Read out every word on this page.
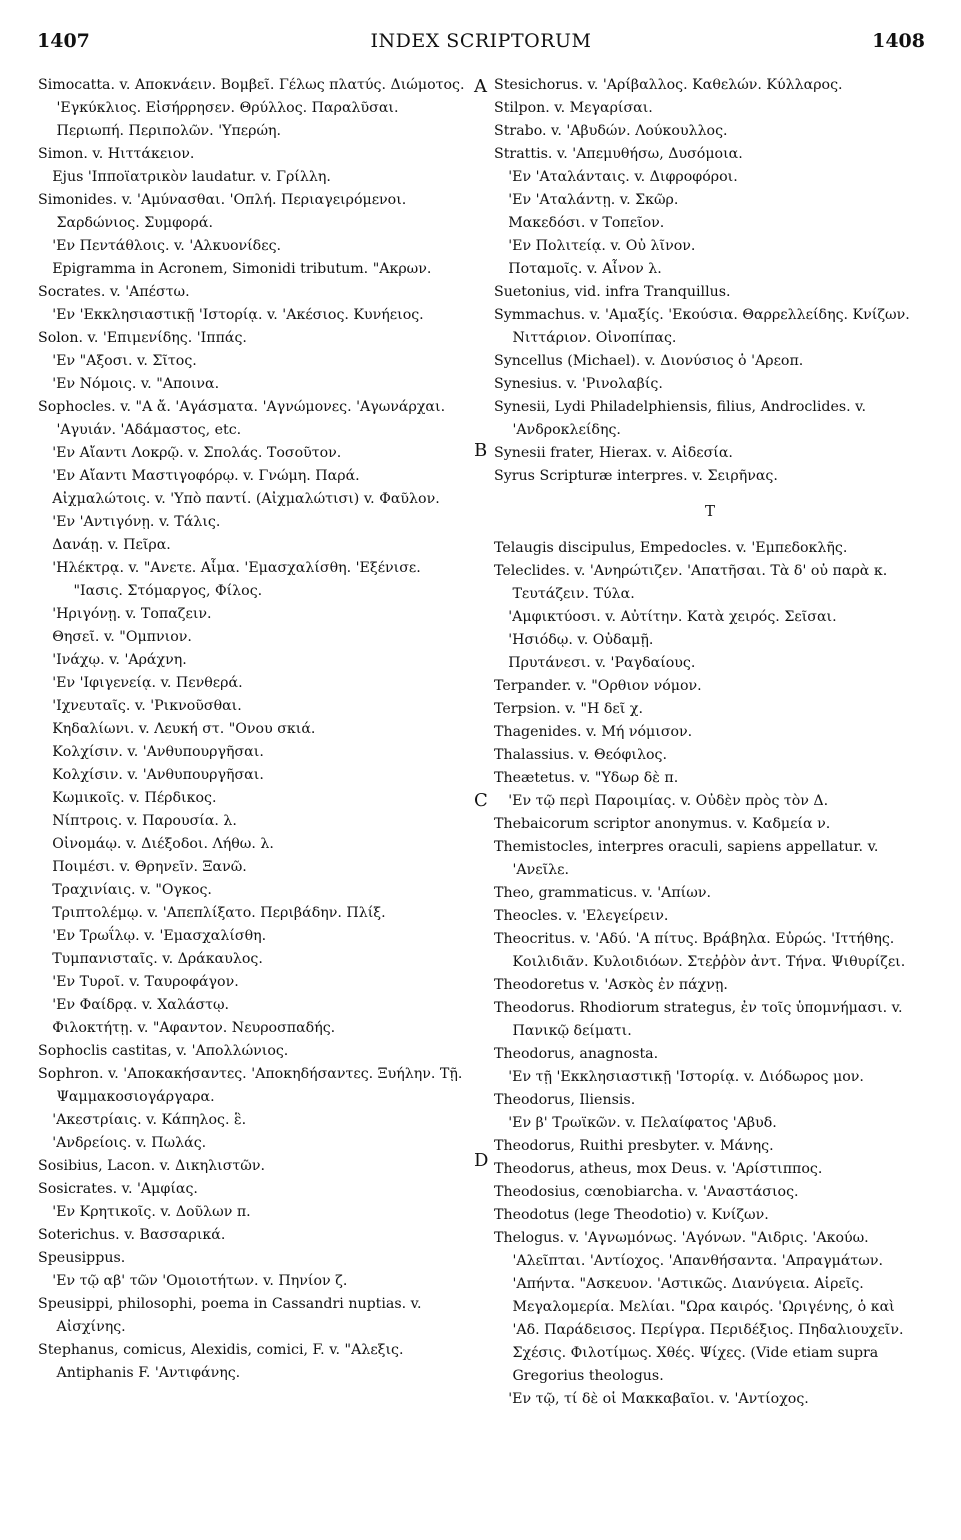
1407	INDEX SCRIPTORUM	1408
Simocatta. v. Αποκνάειν. Βομβεῖ. Γέλως πλατύς. Διώμοτος. 'Εγκύκλιος. Εἰσήρρησεν. Θρύλλος. Παραλῦσαι. Περιωπή. Περιπολῶν. 'Υπερώη.
Simon. v. Ηιττάκειον.
Ejus 'Ιπποϊατρικὸν laudatur. v. Γρίλλη.
Simonides. v. 'Αμύνασθαι. 'Οπλή. Περιαγειρόμενοι. Σαρδώνιος. Συμφορά.
'Εν Πεντάθλοις. v. 'Αλκυονίδες.
Epigramma in Acronem, Simonidi tributum. "Ακρων.
Socrates. v. 'Απέστω.
'Εν 'Εκκλησιαστικῇ 'Ιστορίᾳ. v. 'Ακέσιος. Κυνήειος.
Solon. v. 'Επιμενίδης. 'Ιππάς.
'Εν "Αξοσι. v. Σῖτος.
'Εν Νόμοις. v. "Αποινα.
Sophocles. v. "Α ἄ. 'Αγάσματα. 'Αγνώμονες. 'Αγωνάρχαι. 'Αγυιάν. 'Αδάμαστος, etc.
'Εν Αἴαντι Λοκρῷ. v. Σπολάς. Τοσοῦτον.
'Εν Αἴαντι Μαστιγοφόρῳ. v. Γνώμη. Παρά.
Αἰχμαλώτοις. v. 'Υπὸ παντί. (Αἰχμαλώτισι) v. Φαῦλον.
'Εν 'Αντιγόνῃ. v. Τάλις.
Δανάῃ. v. Πεῖρα.
'Ηλέκτρᾳ. v. "Ανετε. Αἷμα. 'Εμασχαλίσθη. 'Εξένισε. "Ιασις. Στόμαργος, Φίλος.
'Ηριγόνῃ. v. Τοπαζειν.
Θησεῖ. v. "Ομπνιον.
'Ινάχῳ. v. 'Αράχνη.
'Εν 'Ιφιγενείᾳ. v. Πενθερά.
'Ιχνευταῖς. v. 'Ρικνοῦσθαι.
Κηδαλίωνι. v. Λευκή στ. "Ονου σκιά.
Κολχίσιν. v. 'Ανθυπουργῆσαι.
Κολχίσιν. v. 'Ανθυπουργῆσαι.
Κωμικοῖς. v. Πέρδικος.
Νίπτροις. v. Παρουσία. λ.
Οἰνομάῳ. v. Διέξοδοι. Λήθω. λ.
Ποιμέσι. v. Θρηνεῖν. Ξανῶ.
Τραχινίαις. v. "Ογκος.
Τριπτολέμῳ. v. 'Απεπλίξατο. Περιβάδην. Πλίξ.
'Εν Τρωΐλῳ. v. 'Εμασχαλίσθη.
Τυμπανισταῖς. v. Δράκαυλος.
'Εν Τυροῖ. v. Ταυροφάγον.
'Εν Φαίδρᾳ. v. Χαλάστῳ.
Φιλοκτήτῃ. v. "Αφαντον. Νευροσπαδής.
Sophoclis castitas, v. 'Απολλώνιος.
Sophron. v. 'Αποκακήσαντες. 'Αποκηδήσαντες. Ξυήλην. Τῇ. Ψαμμακοσιογάργαρα.
'Ακεστρίαις. v. Κάπηλος. ἓ.
'Ανδρείοις. v. Πωλάς.
Sosibius, Lacon. v. Δικηλιστῶν.
Sosicrates. v. 'Αμφίας.
'Εν Κρητικοῖς. v. Δοῦλων π.
Soterichus. v. Βασσαρικά.
Speusippus.
'Εν τῷ αβ' τῶν 'Ομοιοτήτων. v. Πηνίον ζ.
Speusippi, philosophi, poema in Cassandri nuptias. v. Αἰσχίνης.
Stephanus, comicus, Alexidis, comici, F. v. "Αλεξις. Antiphanis F. 'Αντιφάνης.
A
B
C
D
Stesichorus. v. 'Αρίβαλλος. Καθελών. Κύλλαρος.
Stilpon. v. Μεγαρίσαι.
Strabo. v. 'Αβυδών. Λούκουλλος.
Strattis. v. 'Απεμυθήσω, Δυσόμοια.
'Εν 'Αταλάνταις. v. Διφροφόροι.
'Εν 'Αταλάντῃ. v. Σκῶρ.
Μακεδόσι. v Τοπεῖον.
'Εν Πολιτείᾳ. v. Οὐ λῖνον.
Ποταμοῖς. v. Αἶνον λ.
Suetonius, vid. infra Tranquillus.
Symmachus. v. 'Αμαξίς. 'Εκούσια. Θαρρελλείδης. Κνίζων. Νιττάριον. Οἰνοπίπας.
Syncellus (Michael). v. Διονύσιος ὁ 'Αρεοπ.
Synesius. v. 'Ρινολαβίς.
Synesii, Lydi Philadelphiensis, filius, Androclides. v. 'Ανδροκλείδης.
Synesii frater, Hierax. v. Αἰδεσία.
Syrus Scripturæ interpres. v. Σειρῆνας.
T
Telaugis discipulus, Empedocles. v. 'Εμπεδοκλῆς.
Teleclides. v. 'Ανηρώτιζεν. 'Απατῆσαι. Τὰ δ' οὐ παρὰ κ. Τευτάζειν. Τύλα.
'Αμφικτύοσι. v. Αὐτίτην. Κατὰ χειρός. Σεῖσαι.
'Ησιόδῳ. v. Οὐδαμῇ.
Πρυτάνεσι. v. 'Ραγδαίους.
Terpander. v. "Ορθιον νόμον.
Terpsion. v. "Η δεῖ χ.
Thagenides. v. Μή νόμισον.
Thalassius. v. Θεόφιλος.
Theætetus. v. "Υδωρ δὲ π.
'Εν τῷ περὶ Παροιμίας. v. Οὐδὲν πρὸς τὸν Δ.
Thebaicorum scriptor anonymus. v. Καδμεία ν.
Themistocles, interpres oraculi, sapiens appellatur. v. 'Ανεῖλε.
Theo, grammaticus. v. 'Απίων.
Theocles. v. 'Ελεγείρειν.
Theocritus. v. 'Αδύ. 'Α πίτυς. Βράβηλα. Εὐρώς. 'Ιττήθης. Κοιλιδιᾶν. Κυλοιδιόων. Στεῤῥὸν ἀντ. Τήνα. Ψιθυρίζει.
Theodoretus v. 'Ασκὸς ἐν πάχνῃ.
Theodorus. Rhodiorum strategus, ἐν τοῖς ὑπομνήμασι. v. Πανικῷ δείματι.
Theodorus, anagnosta.
'Εν τῇ 'Εκκλησιαστικῇ 'Ιστορίᾳ. v. Διόδωρος μον.
Theodorus, Iliensis.
'Εν β' Τρωϊκῶν. v. Πελαίφατος 'Αβυδ.
Theodorus, Ruithi presbyter. v. Μάνης.
Theodorus, atheus, mox Deus. v. 'Αρίστιππος.
Theodosius, cœnobiarcha. v. 'Αναστάσιος.
Theodotus (lege Theodotio) v. Κνίζων.
Thelogus. v. 'Αγνωμόνως. 'Αγόνων. "Αιδρις. 'Ακούω. 'Αλεῖπται. 'Αντίοχος. 'Απανθήσαντα. 'Απραγμάτων. 'Απήντα. "Ασκευον. 'Αστικῶς. Διανύγεια. Αἱρεῖς. Μεγαλομερία. Μελίαι. "Ωρα καιρός. 'Ωριγένης, ὁ καὶ 'Αδ. Παράδεισος. Περίγρα. Περιδέξιος. Πηδαλιουχεῖν. Σχέσις. Φιλοτίμως. Χθές. Ψίχες. (Vide etiam supra Gregorius theologus.
'Εν τῷ, τί δὲ οἱ Μακκαβαῖοι. v. 'Αντίοχος.
